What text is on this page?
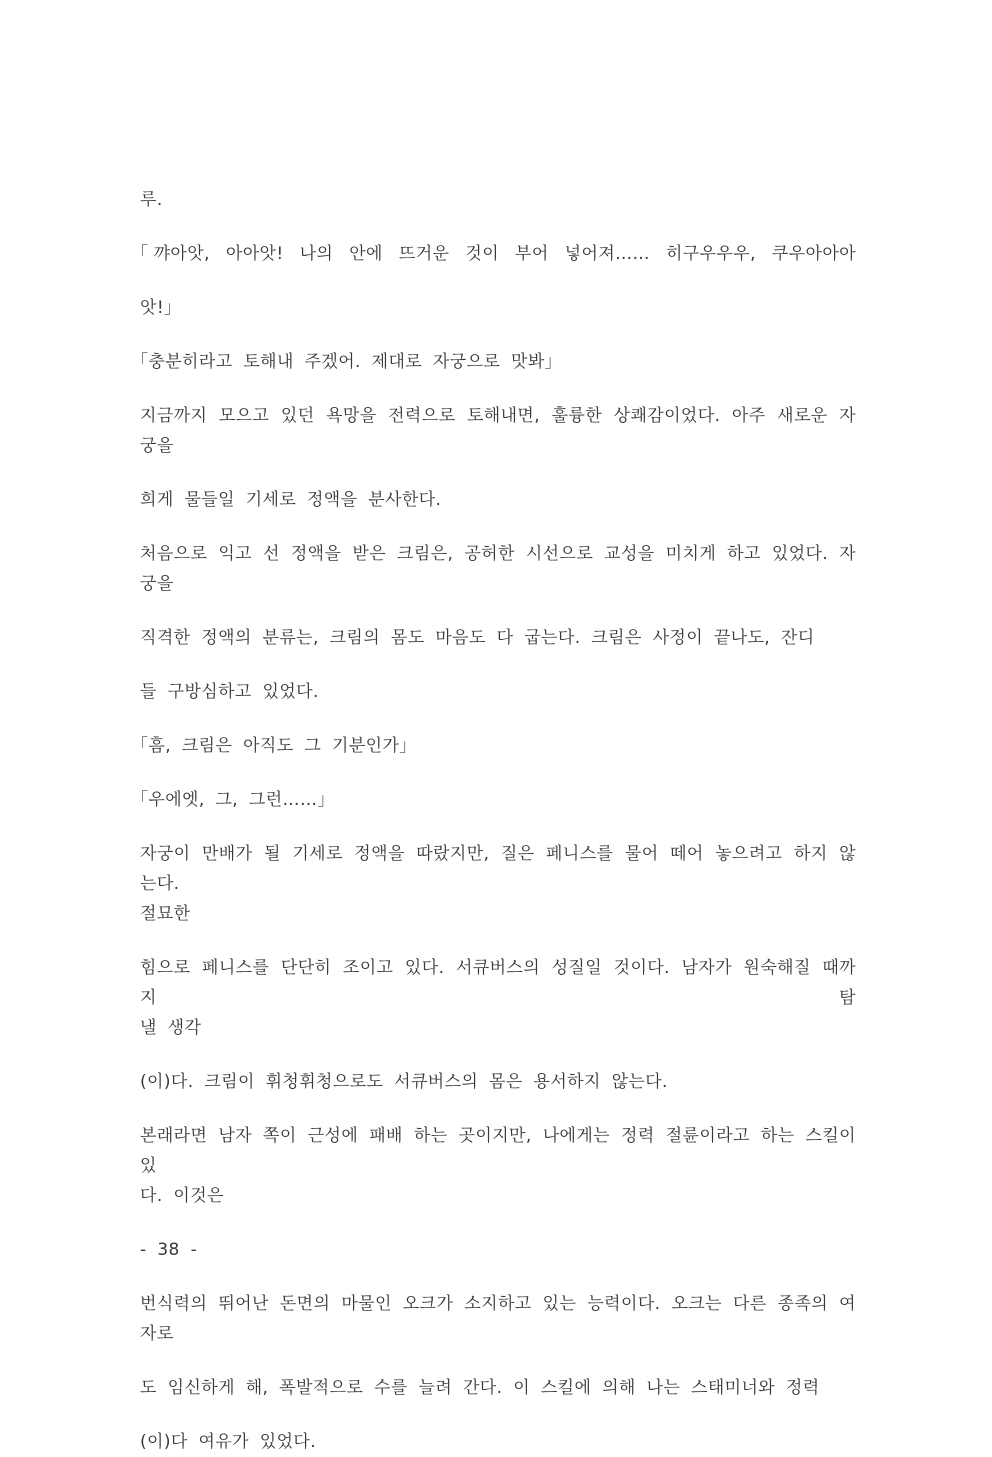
루.
「꺄아앗, 아아앗! 나의 안에 뜨거운 것이 부어 넣어져…… 히구우우우, 쿠우아아아
앗!」
「충분히라고 토해내 주겠어. 제대로 자궁으로 맛봐」
지금까지 모으고 있던 욕망을 전력으로 토해내면, 훌륭한 상쾌감이었다. 아주 새로운 자궁을
희게 물들일 기세로 정액을 분사한다.
처음으로 익고 선 정액을 받은 크림은, 공허한 시선으로 교성을 미치게 하고 있었다. 자궁을
직격한 정액의 분류는, 크림의 몸도 마음도 다 굽는다. 크림은 사정이 끝나도, 잔디
들 구방심하고 있었다.
「흠, 크림은 아직도 그 기분인가」
「우에엣, 그, 그런……」
자궁이 만배가 될 기세로 정액을 따랐지만, 질은 페니스를 물어 떼어 놓으려고 하지 않는다.
절묘한
힘으로 페니스를 단단히 조이고 있다. 서큐버스의 성질일 것이다. 남자가 원숙해질 때까지 탐
낼 생각
(이)다. 크림이 휘청휘청으로도 서큐버스의 몸은 용서하지 않는다.
본래라면 남자 쪽이 근성에 패배 하는 곳이지만, 나에게는 정력 절륜이라고 하는 스킬이 있
다. 이것은
- 38 -
번식력의 뛰어난 돈면의 마물인 오크가 소지하고 있는 능력이다. 오크는 다른 종족의 여자로
도 임신하게 해, 폭발적으로 수를 늘려 간다. 이 스킬에 의해 나는 스태미너와 정력
(이)다 여유가 있었다.
